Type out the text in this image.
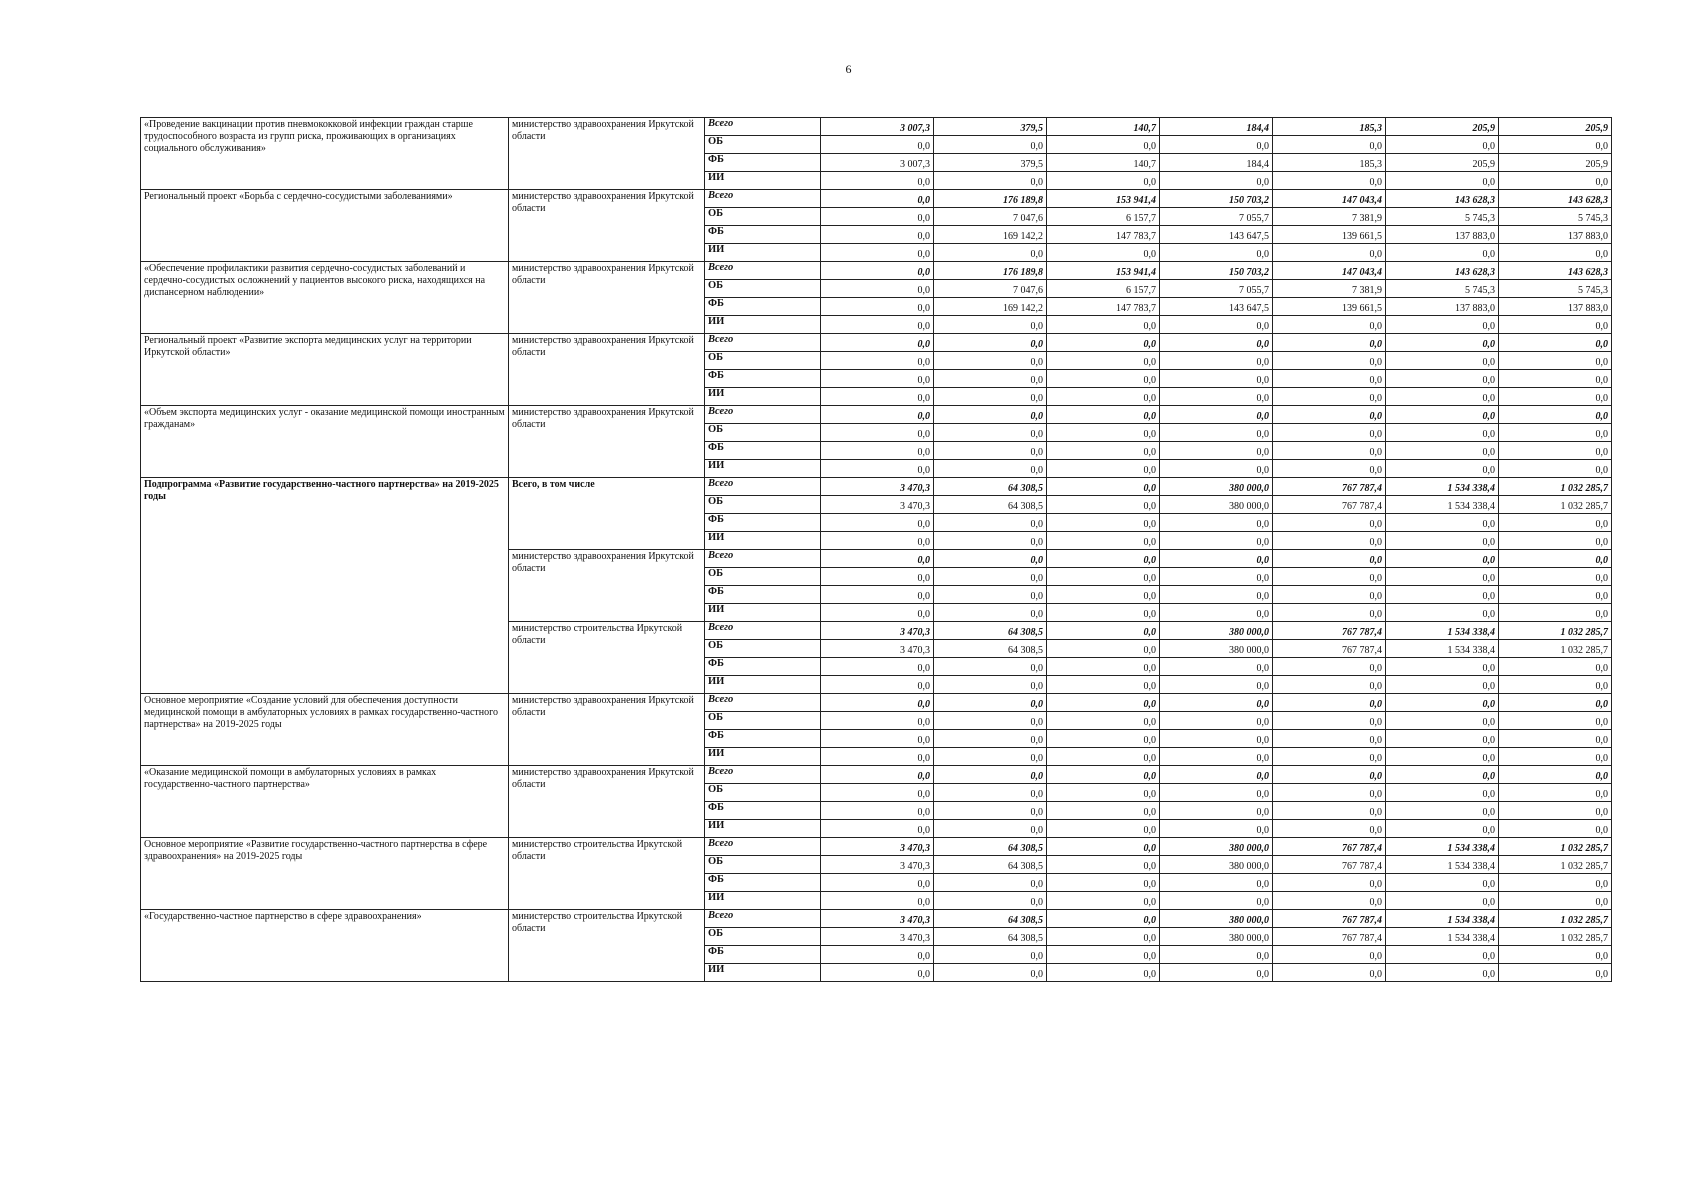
6
«Проведение вакцинации против пневмококковой инфекции граждан старше трудоспособного возраста из групп риска, проживающих в организациях социального обслуживания»	министерство здравоохранения Иркутской области	Всего	3 007,3	379,5	140,7	184,4	185,3	205,9	205,9
		ОБ	0,0	0,0	0,0	0,0	0,0	0,0	0,0
		ФБ	3 007,3	379,5	140,7	184,4	185,3	205,9	205,9
		ИИ	0,0	0,0	0,0	0,0	0,0	0,0	0,0
Региональный проект «Борьба с сердечно-сосудистыми заболеваниями»	министерство здравоохранения Иркутской области	Всего	0,0	176 189,8	153 941,4	150 703,2	147 043,4	143 628,3	143 628,3
		ОБ	0,0	7 047,6	6 157,7	7 055,7	7 381,9	5 745,3	5 745,3
		ФБ	0,0	169 142,2	147 783,7	143 647,5	139 661,5	137 883,0	137 883,0
		ИИ	0,0	0,0	0,0	0,0	0,0	0,0	0,0
«Обеспечение профилактики развития сердечно-сосудистых заболеваний и сердечно-сосудистых осложнений у пациентов высокого риска, находящихся на диспансерном наблюдении»	министерство здравоохранения Иркутской области	Всего	0,0	176 189,8	153 941,4	150 703,2	147 043,4	143 628,3	143 628,3
		ОБ	0,0	7 047,6	6 157,7	7 055,7	7 381,9	5 745,3	5 745,3
		ФБ	0,0	169 142,2	147 783,7	143 647,5	139 661,5	137 883,0	137 883,0
		ИИ	0,0	0,0	0,0	0,0	0,0	0,0	0,0
Региональный проект «Развитие экспорта медицинских услуг на территории Иркутской области»	министерство здравоохранения Иркутской области	Всего	0,0	0,0	0,0	0,0	0,0	0,0	0,0
		ОБ	0,0	0,0	0,0	0,0	0,0	0,0	0,0
		ФБ	0,0	0,0	0,0	0,0	0,0	0,0	0,0
		ИИ	0,0	0,0	0,0	0,0	0,0	0,0	0,0
«Объем экспорта медицинских услуг - оказание медицинской помощи иностранным гражданам»	министерство здравоохранения Иркутской области	Всего	0,0	0,0	0,0	0,0	0,0	0,0	0,0
		ОБ	0,0	0,0	0,0	0,0	0,0	0,0	0,0
		ФБ	0,0	0,0	0,0	0,0	0,0	0,0	0,0
		ИИ	0,0	0,0	0,0	0,0	0,0	0,0	0,0
Подпрограмма «Развитие государственно-частного партнерства» на 2019-2025 годы	Всего, в том числе	Всего	3 470,3	64 308,5	0,0	380 000,0	767 787,4	1 534 338,4	1 032 285,7
		ОБ	3 470,3	64 308,5	0,0	380 000,0	767 787,4	1 534 338,4	1 032 285,7
		ФБ	0,0	0,0	0,0	0,0	0,0	0,0	0,0
		ИИ	0,0	0,0	0,0	0,0	0,0	0,0	0,0
	министерство здравоохранения Иркутской области	Всего	0,0	0,0	0,0	0,0	0,0	0,0	0,0
		ОБ	0,0	0,0	0,0	0,0	0,0	0,0	0,0
		ФБ	0,0	0,0	0,0	0,0	0,0	0,0	0,0
		ИИ	0,0	0,0	0,0	0,0	0,0	0,0	0,0
	министерство строительства Иркутской области	Всего	3 470,3	64 308,5	0,0	380 000,0	767 787,4	1 534 338,4	1 032 285,7
		ОБ	3 470,3	64 308,5	0,0	380 000,0	767 787,4	1 534 338,4	1 032 285,7
		ФБ	0,0	0,0	0,0	0,0	0,0	0,0	0,0
		ИИ	0,0	0,0	0,0	0,0	0,0	0,0	0,0
Основное мероприятие «Создание условий для обеспечения доступности медицинской помощи в амбулаторных условиях в рамках государственно-частного партнерства» на 2019-2025 годы	министерство здравоохранения Иркутской области	Всего	0,0	0,0	0,0	0,0	0,0	0,0	0,0
		ОБ	0,0	0,0	0,0	0,0	0,0	0,0	0,0
		ФБ	0,0	0,0	0,0	0,0	0,0	0,0	0,0
		ИИ	0,0	0,0	0,0	0,0	0,0	0,0	0,0
«Оказание медицинской помощи в амбулаторных условиях в рамках государственно-частного партнерства»	министерство здравоохранения Иркутской области	Всего	0,0	0,0	0,0	0,0	0,0	0,0	0,0
		ОБ	0,0	0,0	0,0	0,0	0,0	0,0	0,0
		ФБ	0,0	0,0	0,0	0,0	0,0	0,0	0,0
		ИИ	0,0	0,0	0,0	0,0	0,0	0,0	0,0
Основное мероприятие «Развитие государственно-частного партнерства в сфере здравоохранения» на 2019-2025 годы	министерство строительства Иркутской области	Всего	3 470,3	64 308,5	0,0	380 000,0	767 787,4	1 534 338,4	1 032 285,7
		ОБ	3 470,3	64 308,5	0,0	380 000,0	767 787,4	1 534 338,4	1 032 285,7
		ФБ	0,0	0,0	0,0	0,0	0,0	0,0	0,0
		ИИ	0,0	0,0	0,0	0,0	0,0	0,0	0,0
«Государственно-частное партнерство в сфере здравоохранения»	министерство строительства Иркутской области	Всего	3 470,3	64 308,5	0,0	380 000,0	767 787,4	1 534 338,4	1 032 285,7
		ОБ	3 470,3	64 308,5	0,0	380 000,0	767 787,4	1 534 338,4	1 032 285,7
		ФБ	0,0	0,0	0,0	0,0	0,0	0,0	0,0
		ИИ	0,0	0,0	0,0	0,0	0,0	0,0	0,0
